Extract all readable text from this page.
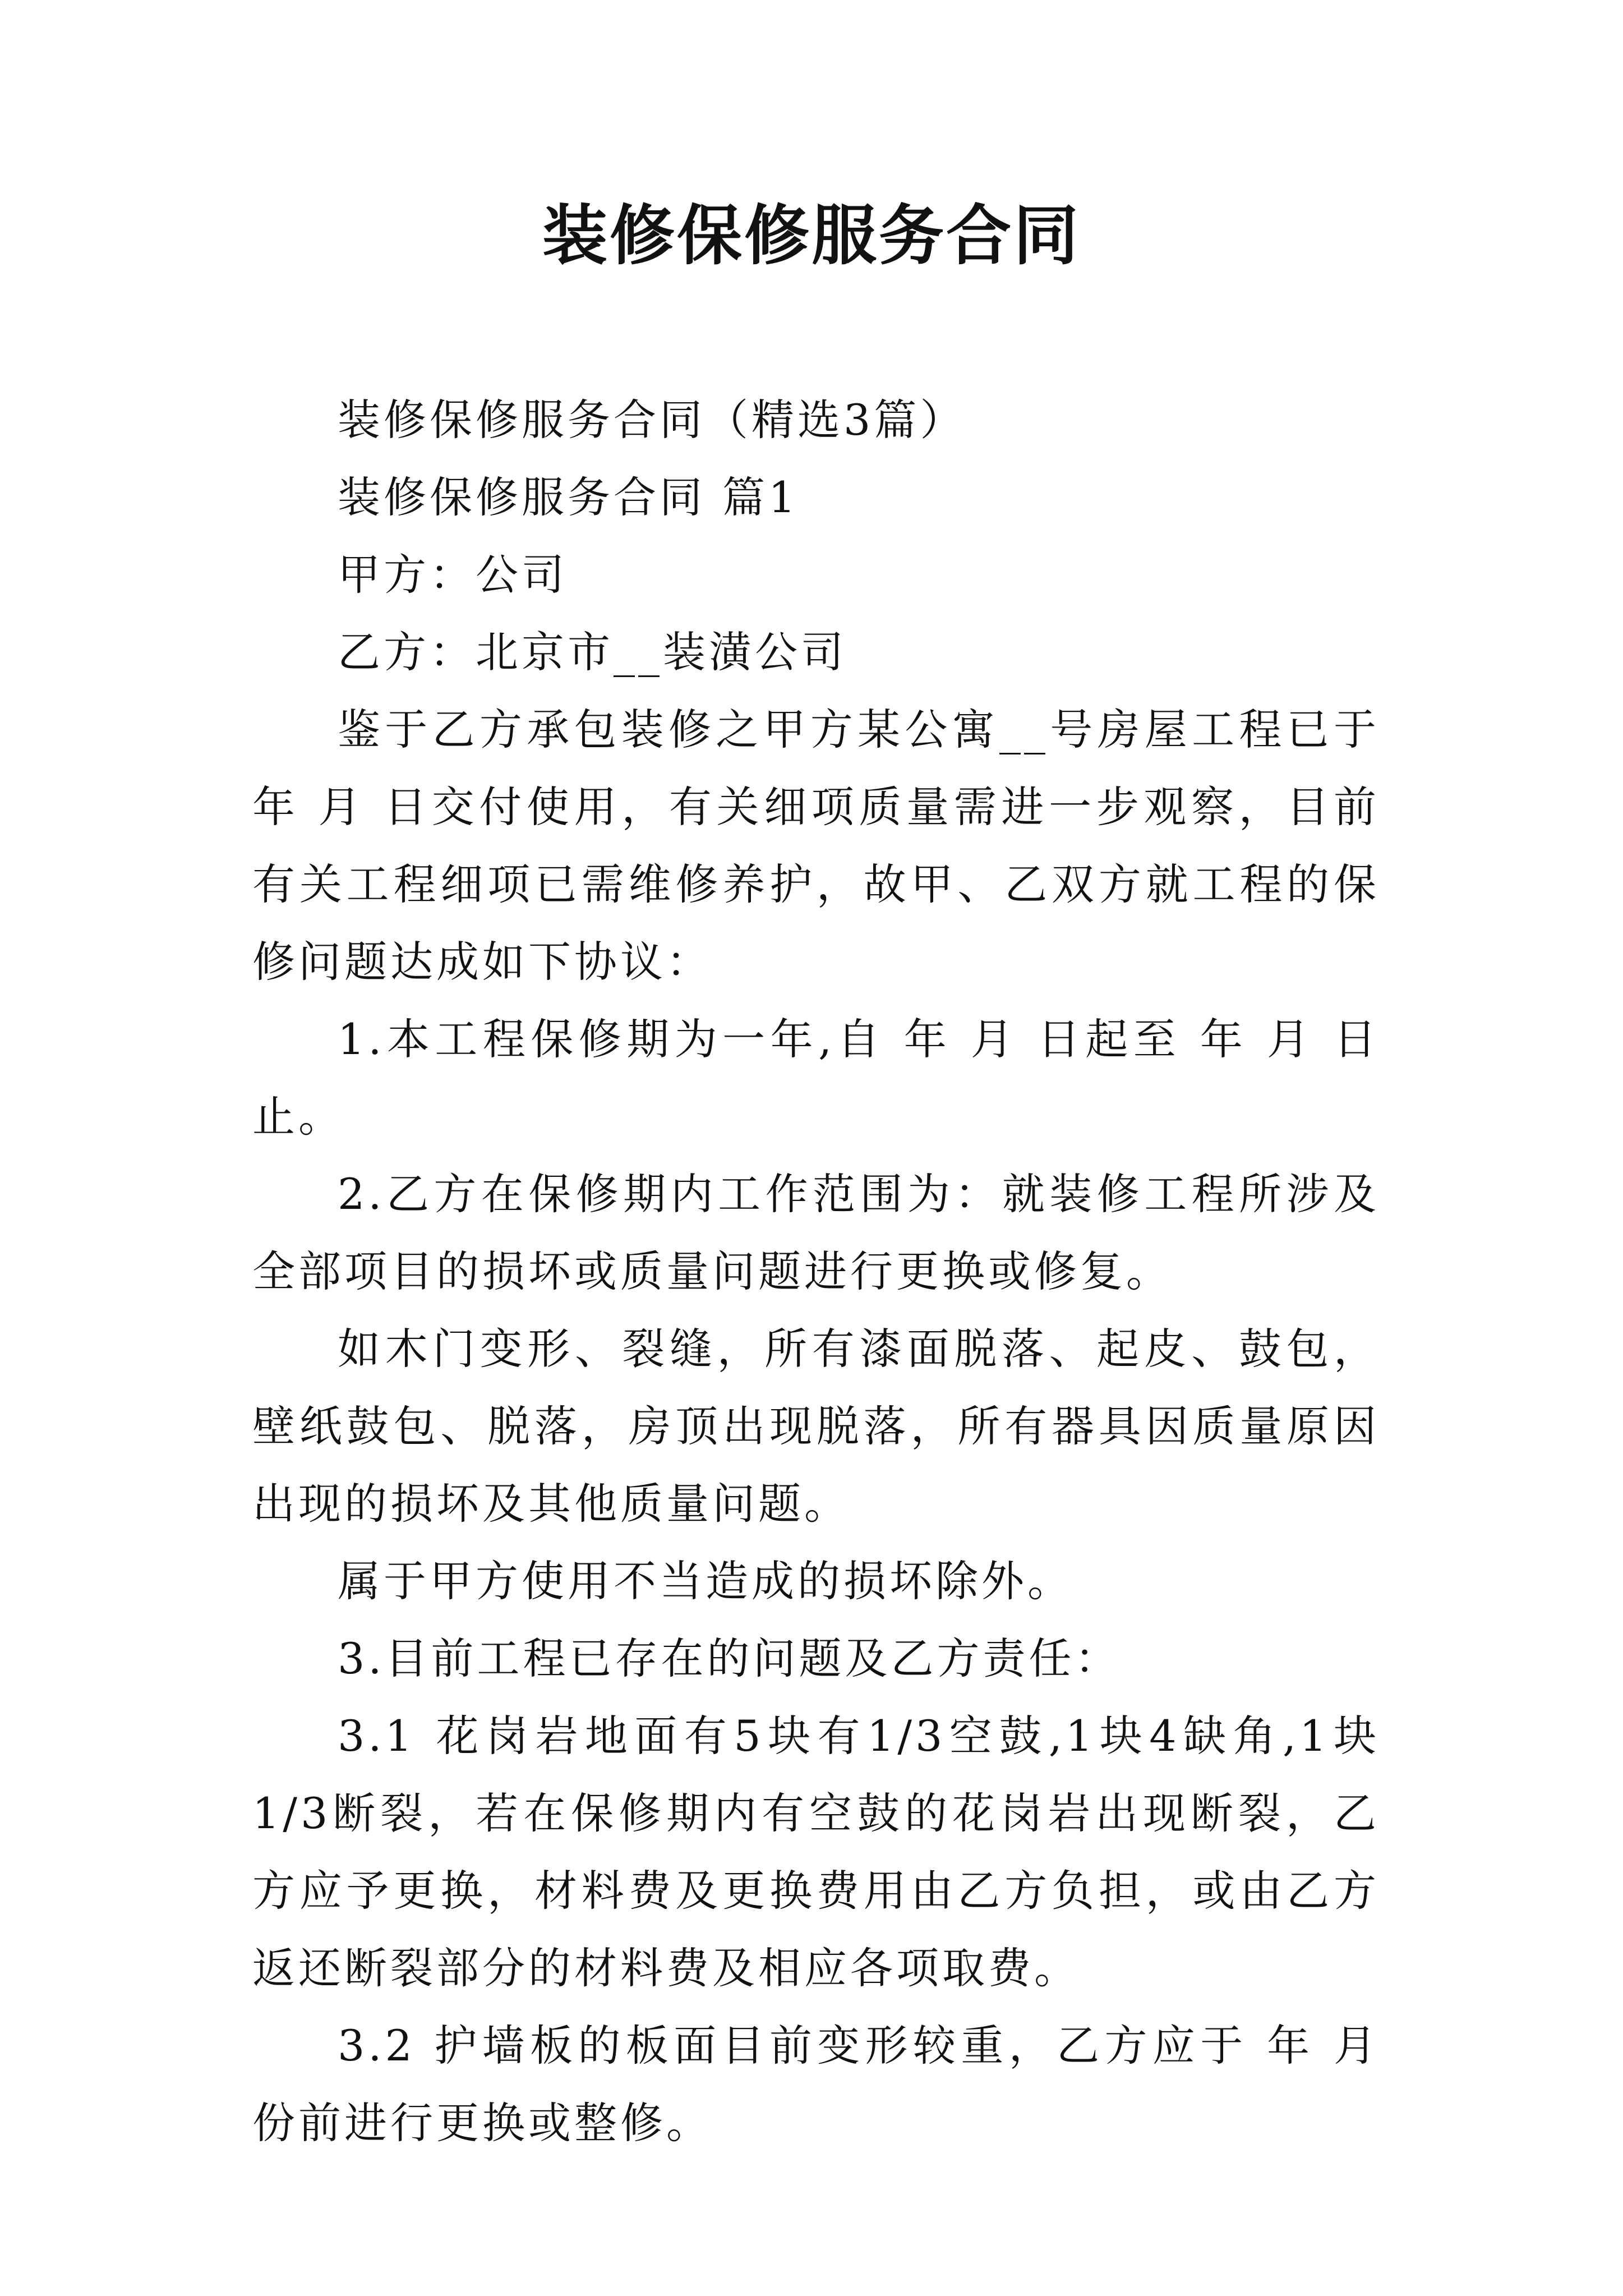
装修保修服务合同

装修保修服务合同（精选3篇）

装修保修服务合同 篇1

甲方：公司

乙方：北京市__装潢公司

鉴于乙方承包装修之甲方某公寓__号房屋工程已于 年 月 日交付使用，有关细项质量需进一步观察，目前有关工程细项已需维修养护，故甲、乙双方就工程的保修问题达成如下协议：

1.本工程保修期为一年,自 年 月 日起至 年 月 日止。

2.乙方在保修期内工作范围为：就装修工程所涉及全部项目的损坏或质量问题进行更换或修复。

如木门变形、裂缝，所有漆面脱落、起皮、鼓包，壁纸鼓包、脱落，房顶出现脱落，所有器具因质量原因出现的损坏及其他质量问题。

属于甲方使用不当造成的损坏除外。

3.目前工程已存在的问题及乙方责任：

3.1 花岗岩地面有5块有1/3空鼓,1块4缺角,1块1/3断裂，若在保修期内有空鼓的花岗岩出现断裂，乙方应予更换，材料费及更换费用由乙方负担，或由乙方返还断裂部分的材料费及相应各项取费。

3.2 护墙板的板面目前变形较重，乙方应于 年 月份前进行更换或整修。
